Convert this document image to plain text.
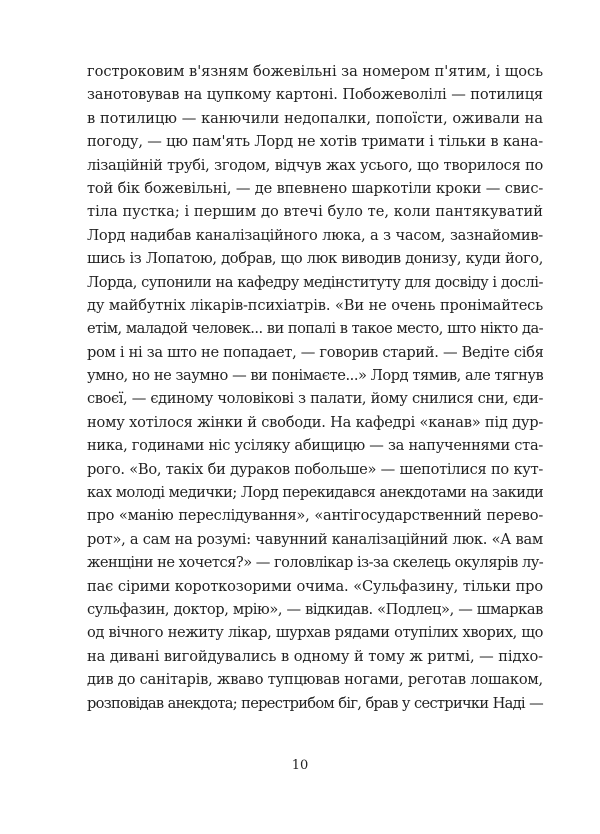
гостроковим в'язням божевільні за номером п'ятим, і щось
занотовував на цупкому картоні. Побожеволілі — потилиця
в потилицю — канючили недопалки, попоїсти, оживали на
погоду, — цю пам'ять Лорд не хотів тримати і тільки в кана-
лізаційній трубі, згодом, відчув жах усього, що творилося по
той бік божевільні, — де впевнено шаркотіли кроки — свис-
тіла пустка; і першим до втечі було те, коли пантякуватий
Лорд надибав каналізаційного люка, а з часом, зазнайомив-
шись із Лопатою, добрав, що люк виводив донизу, куди його,
Лорда, супонили на кафедру медінституту для досвіду і дослі-
ду майбутніх лікарів-психіатрів. «Ви не очень пронімайтесь
етім, маладой человек... ви попалі в такое место, што нікто да-
ром і ні за што не попадает, — говорив старий. — Ведіте сібя
умно, но не заумно — ви понімаєте...» Лорд тямив, але тягнув
своєї, — єдиному чоловікові з палати, йому снилися сни, єди-
ному хотілося жінки й свободи. На кафедрі «канав» під дур-
ника, годинами ніс усіляку абищицю — за напученнями ста-
рого. «Во, такіх би дураков побольше» — шепотілися по кут-
ках молоді медички; Лорд перекидався анекдотами на закиди
про «манію переслідування», «антігосударственний перево-
рот», а сам на розумі: чавунний каналізаційний люк. «А вам
женщіни не хочется?» — головлікар із-за скелець окулярів лу-
пає сірими короткозорими очима. «Сульфазину, тільки про
сульфазин, доктор, мрію», — відкидав. «Подлец», — шмаркав
од вічного нежиту лікар, шурхав рядами отупілих хворих, що
на дивані вигойдувались в одному й тому ж ритмі, — підхо-
див до санітарів, жваво тупцював ногами, реготав лошаком,
розповідав анекдота; перестрибом біг, брав у сестрички Наді —
10
